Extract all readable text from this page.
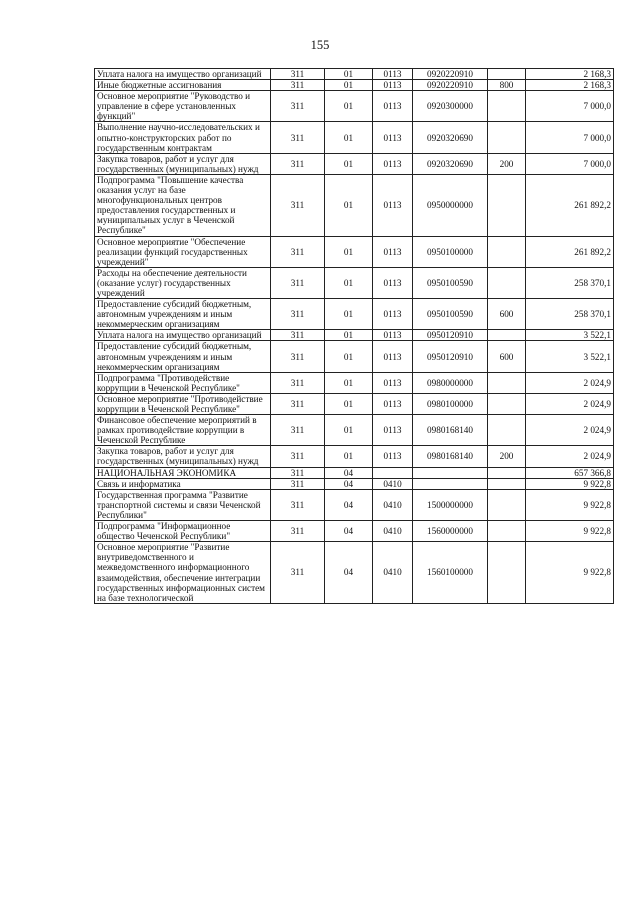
155
Уплата налога на имущество организаций	311	01	0113	0920220910		2 168,3
Иные бюджетные ассигнования	311	01	0113	0920220910	800	2 168,3
Основное мероприятие "Руководство и управление в сфере установленных функций"	311	01	0113	0920300000		7 000,0
Выполнение научно-исследовательских и опытно-конструкторских работ по государственным контрактам	311	01	0113	0920320690		7 000,0
Закупка товаров, работ и услуг для государственных (муниципальных) нужд	311	01	0113	0920320690	200	7 000,0
Подпрограмма "Повышение качества оказания услуг на базе многофункциональных центров предоставления государственных и муниципальных услуг в Чеченской Республике"	311	01	0113	0950000000		261 892,2
Основное мероприятие "Обеспечение реализации функций государственных учреждений"	311	01	0113	0950100000		261 892,2
Расходы на обеспечение деятельности (оказание услуг) государственных учреждений	311	01	0113	0950100590		258 370,1
Предоставление субсидий бюджетным, автономным учреждениям и иным некоммерческим организациям	311	01	0113	0950100590	600	258 370,1
Уплата налога на имущество организаций	311	01	0113	0950120910		3 522,1
Предоставление субсидий бюджетным, автономным учреждениям и иным некоммерческим организациям	311	01	0113	0950120910	600	3 522,1
Подпрограмма "Противодействие коррупции в Чеченской Республике"	311	01	0113	0980000000		2 024,9
Основное мероприятие "Противодействие коррупции в Чеченской Республике"	311	01	0113	0980100000		2 024,9
Финансовое обеспечение мероприятий в рамках противодействие коррупции в Чеченской Республике	311	01	0113	0980168140		2 024,9
Закупка товаров, работ и услуг для государственных (муниципальных) нужд	311	01	0113	0980168140	200	2 024,9
НАЦИОНАЛЬНАЯ ЭКОНОМИКА	311	04				657 366,8
Связь и информатика	311	04	0410			9 922,8
Государственная программа "Развитие транспортной системы и связи Чеченской Республики"	311	04	0410	1500000000		9 922,8
Подпрограмма "Информационное общество Чеченской Республики"	311	04	0410	1560000000		9 922,8
Основное мероприятие "Развитие внутриведомственного и межведомственного информационного взаимодействия, обеспечение интеграции государственных информационных систем на базе технологической	311	04	0410	1560100000		9 922,8
